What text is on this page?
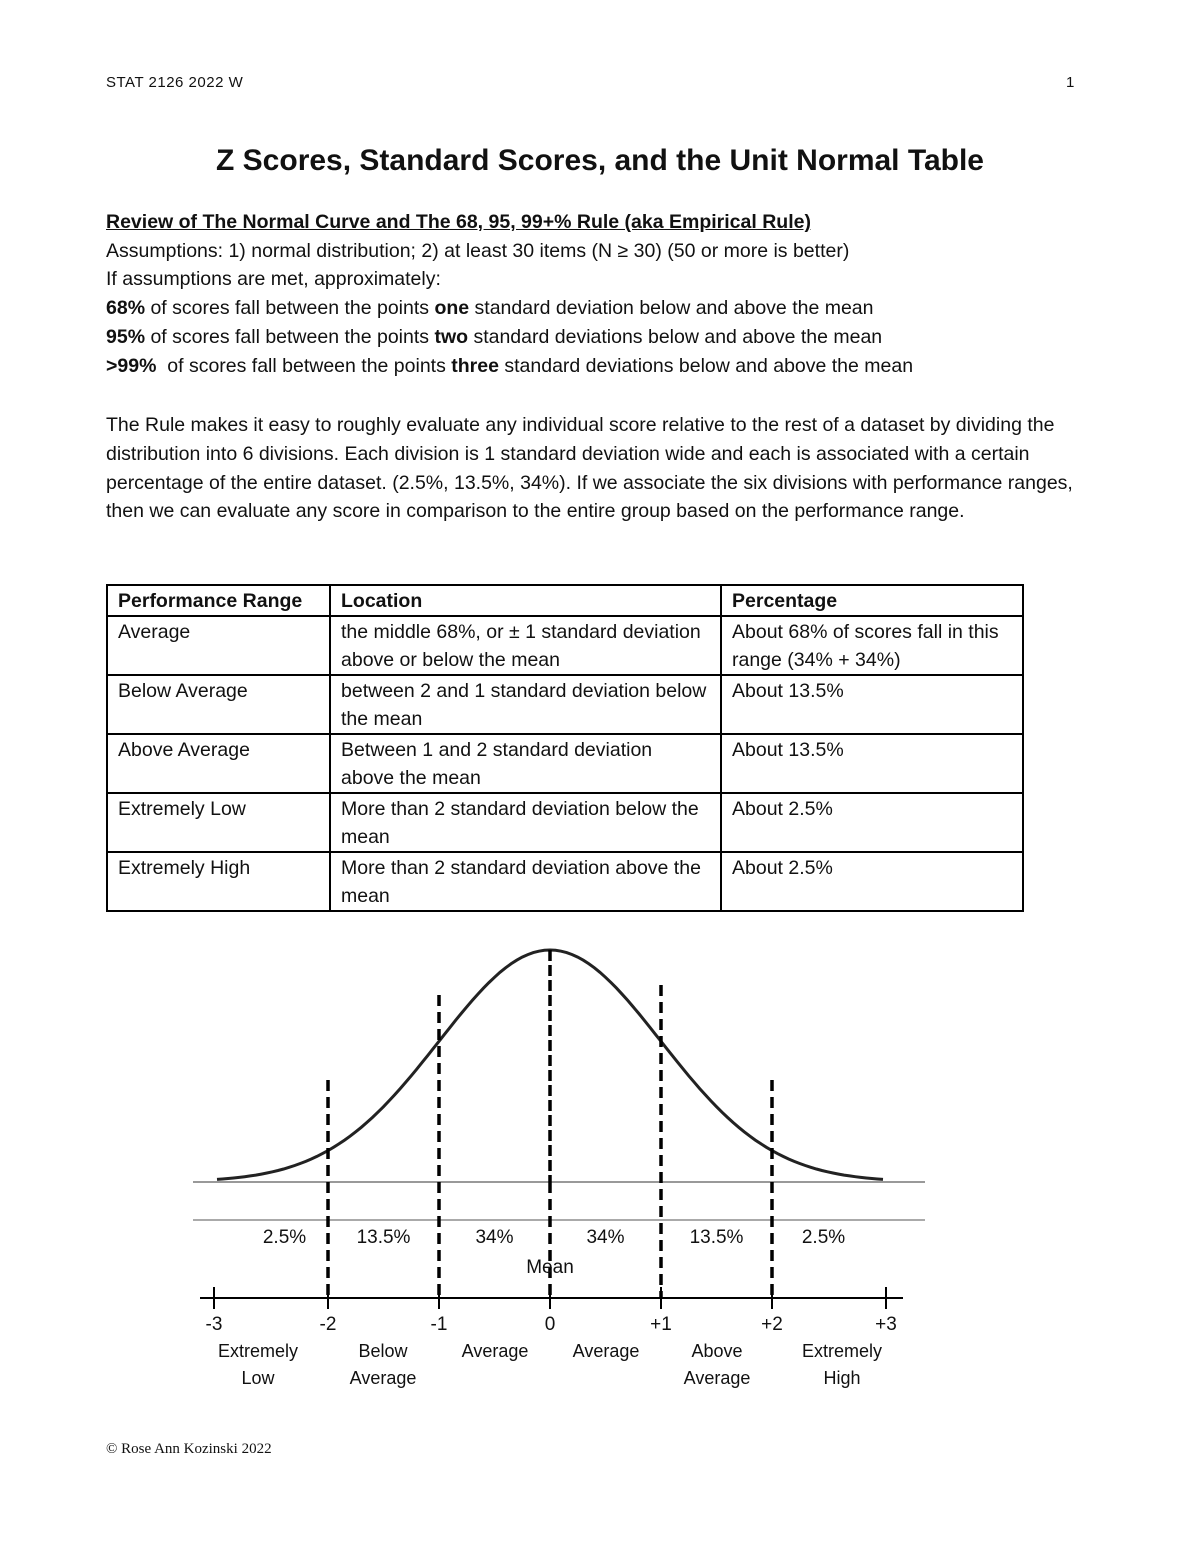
STAT 2126 2022 W	1
Z Scores, Standard Scores, and the Unit Normal Table

Review of The Normal Curve and The 68, 95, 99+% Rule (aka Empirical Rule)

Assumptions: 1) normal distribution; 2) at least 30 items (N ≥ 30) (50 or more is better)

If assumptions are met, approximately:

68% of scores fall between the points one standard deviation below and above the mean

95% of scores fall between the points two standard deviations below and above the mean

>99%  of scores fall between the points three standard deviations below and above the mean

The Rule makes it easy to roughly evaluate any individual score relative to the rest of a dataset by dividing the distribution into 6 divisions. Each division is 1 standard deviation wide and each is associated with a certain percentage of the entire dataset. (2.5%, 13.5%, 34%). If we associate the six divisions with performance ranges, then we can evaluate any score in comparison to the entire group based on the performance range.
Performance Range	Location	Percentage
Average	the middle 68%, or ± 1 standard deviation above or below the mean	About 68% of scores fall in this range (34% + 34%)
Below Average	between 2 and 1 standard deviation below the mean	About 13.5%
Above Average	Between 1 and 2 standard deviation above the mean	About 13.5%
Extremely Low	More than 2 standard deviation below the mean	About 2.5%
Extremely High	More than 2 standard deviation above the mean	About 2.5%
2.5%	13.5%	34%	34%	13.5%	2.5%
Mean
-3	-2	-1	0	+1	+2	+3
Extremely Low
Below Average
Average Average	Above Average
Extremely High
© Rose Ann Kozinski 2022
